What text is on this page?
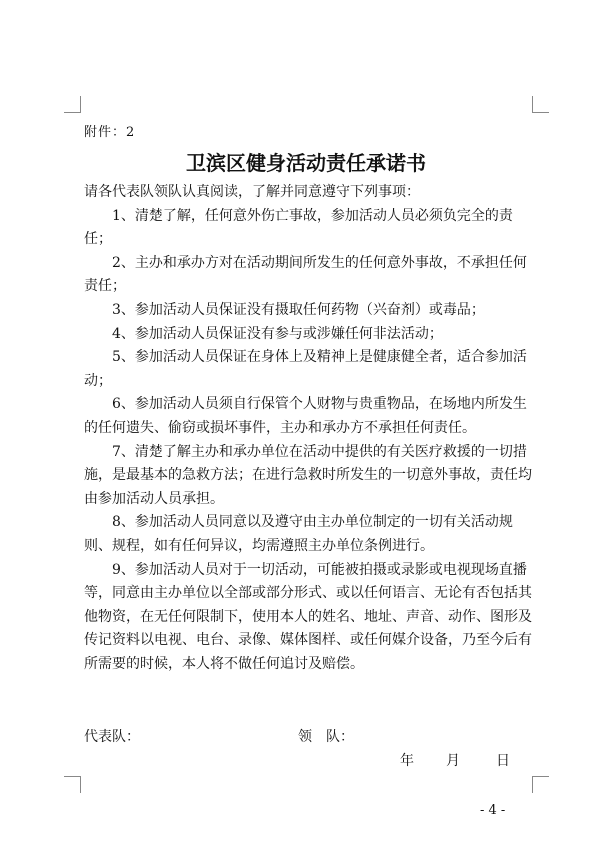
附件：2
卫滨区健身活动责任承诺书

请各代表队领队认真阅读，了解并同意遵守下列事项：

1、清楚了解，任何意外伤亡事故，参加活动人员必须负完全的责任；

2、主办和承办方对在活动期间所发生的任何意外事故，不承担任何责任；

3、参加活动人员保证没有摄取任何药物（兴奋剂）或毒品；

4、参加活动人员保证没有参与或涉嫌任何非法活动；

5、参加活动人员保证在身体上及精神上是健康健全者，适合参加活动；

6、参加活动人员须自行保管个人财物与贵重物品，在场地内所发生的任何遗失、偷窃或损坏事件，主办和承办方不承担任何责任。

7、清楚了解主办和承办单位在活动中提供的有关医疗救援的一切措施，是最基本的急救方法；在进行急救时所发生的一切意外事故，责任均由参加活动人员承担。

8、参加活动人员同意以及遵守由主办单位制定的一切有关活动规则、规程，如有任何异议，均需遵照主办单位条例进行。

9、参加活动人员对于一切活动，可能被拍摄或录影或电视现场直播等，同意由主办单位以全部或部分形式、或以任何语言、无论有否包括其他物资，在无任何限制下，使用本人的姓名、地址、声音、动作、图形及传记资料以电视、电台、录像、媒体图样、或任何媒介设备，乃至今后有所需要的时候，本人将不做任何追讨及赔偿。

代表队：	领　队：
年 月	日
- 4 -
